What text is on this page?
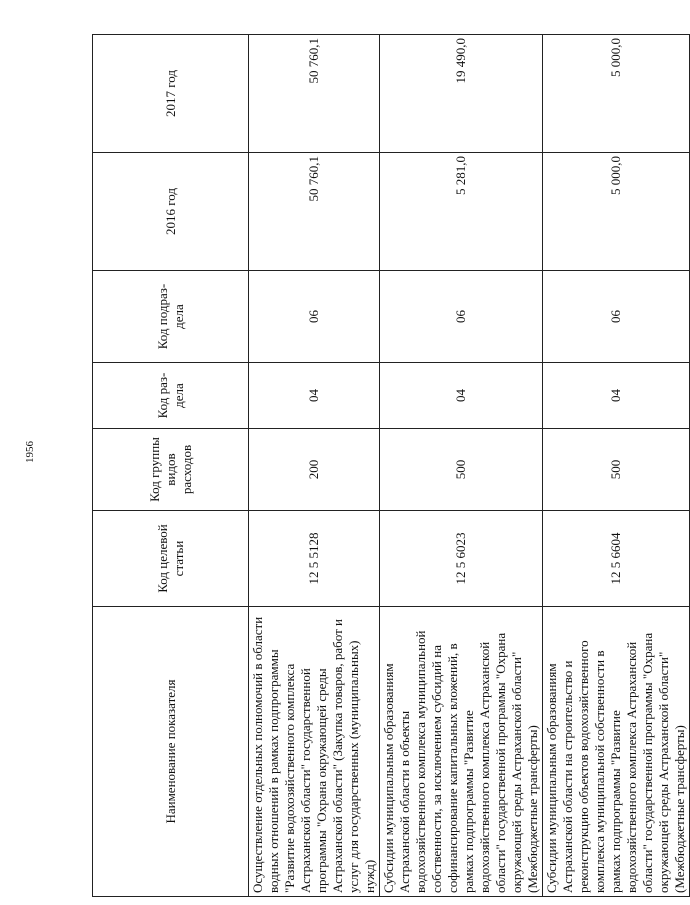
1956
Наименование показателя	Код целевой статьи	Код группы видов расходов	Код раз-дела	Код подраз-дела	2016 год	2017 год
Осуществление отдельных полномочий в области водных отношений в рамках подпрограммы "Развитие водохозяйственного комплекса Астраханской области" государственной программы "Охрана окружающей среды Астраханской области" (Закупка товаров, работ и услуг для государственных (муниципальных) нужд)	12 5 5128	200	04	06	50 760,1	50 760,1
Субсидии муниципальным образованиям Астраханской области в объекты водохозяйственного комплекса муниципальной собственности, за исключением субсидий на софинансирование капитальных вложений, в рамках подпрограммы "Развитие водохозяйственного комплекса Астраханской области" государственной программы "Охрана окружающей среды Астраханской области" (Межбюджетные трансферты)	12 5 6023	500	04	06	5 281,0	19 490,0
Субсидии муниципальным образованиям Астраханской области на строительство и реконструкцию объектов водохозяйственного комплекса муниципальной собственности в рамках подпрограммы "Развитие водохозяйственного комплекса Астраханской области" государственной программы "Охрана окружающей среды Астраханской области" (Межбюджетные трансферты)	12 5 6604	500	04	06	5 000,0	5 000,0
